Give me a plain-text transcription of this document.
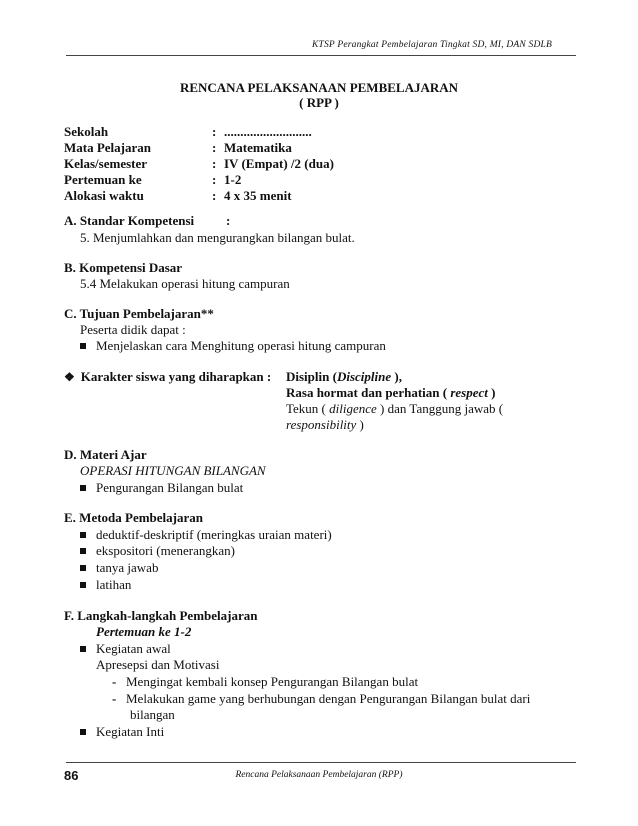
KTSP Perangkat Pembelajaran Tingkat SD, MI, DAN SDLB
RENCANA PELAKSANAAN PEMBELAJARAN
( RPP )
Sekolah	: ...........................
Mata Pelajaran	: Matematika
Kelas/semester	: IV (Empat) /2 (dua)
Pertemuan ke	: 1-2
Alokasi waktu	: 4 x 35 menit
A. Standar Kompetensi :
5. Menjumlahkan dan mengurangkan bilangan bulat.
B. Kompetensi Dasar
5.4 Melakukan operasi hitung campuran
C. Tujuan Pembelajaran**
Peserta didik dapat :
Menjelaskan cara Menghitung operasi hitung campuran
❖ Karakter siswa yang diharapkan : Disiplin (Discipline ),
Rasa hormat dan perhatian ( respect )
Tekun ( diligence ) dan Tanggung jawab (
responsibility )
D. Materi Ajar
OPERASI HITUNGAN BILANGAN
Pengurangan Bilangan bulat
E. Metoda Pembelajaran
deduktif-deskriptif (meringkas uraian materi)
ekspositori (menerangkan)
tanya jawab
latihan
F. Langkah-langkah Pembelajaran
Pertemuan ke 1-2
Kegiatan awal
Apresepsi dan Motivasi
- Mengingat kembali konsep Pengurangan Bilangan bulat
- Melakukan game yang berhubungan dengan Pengurangan Bilangan bulat dari
bilangan
Kegiatan Inti
86	Rencana Pelaksanaan Pembelajaran (RPP)
